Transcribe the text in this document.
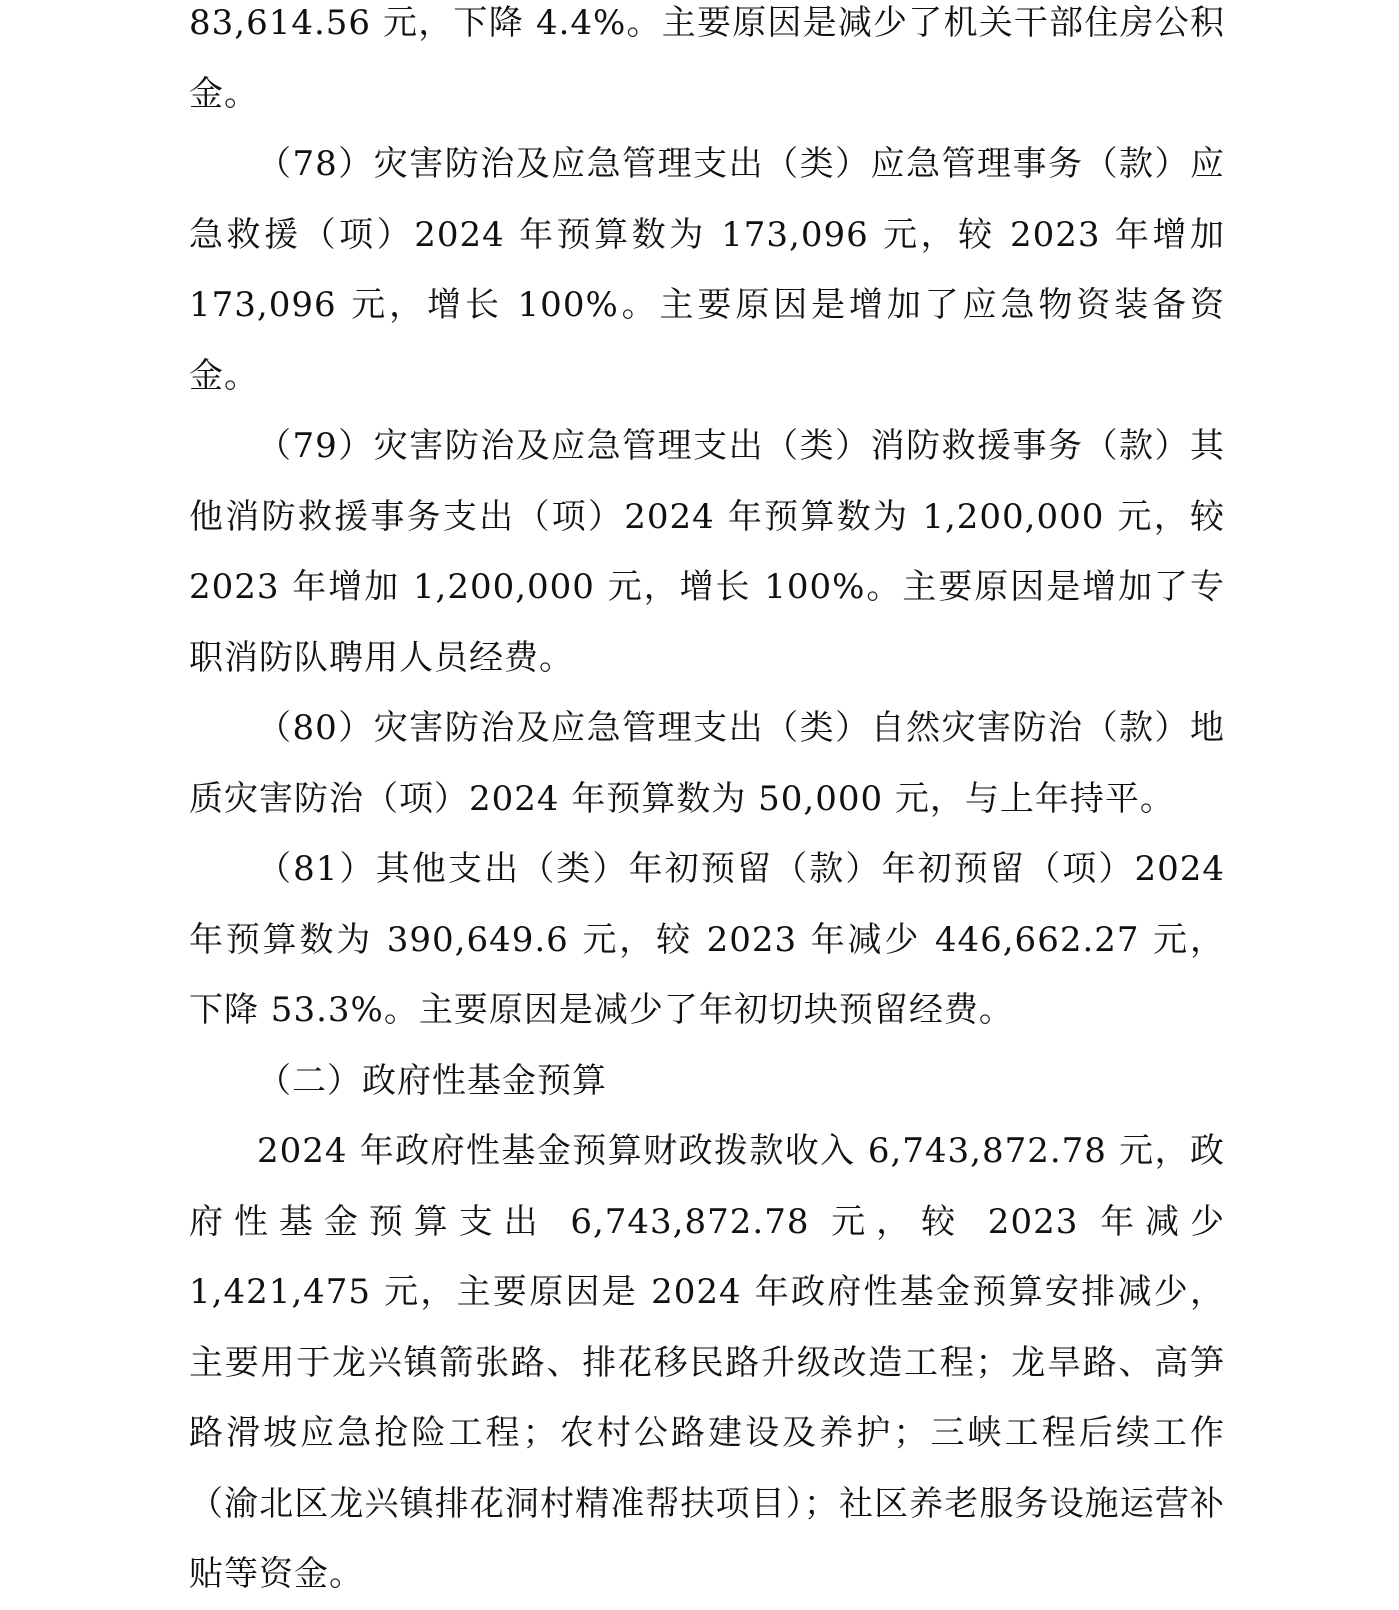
83,614.56 元，下降 4.4%。主要原因是减少了机关干部住房公积金。

（78）灾害防治及应急管理支出（类）应急管理事务（款）应急救援（项）2024 年预算数为 173,096 元，较 2023 年增加 173,096 元，增长 100%。主要原因是增加了应急物资装备资金。

（79）灾害防治及应急管理支出（类）消防救援事务（款）其他消防救援事务支出（项）2024 年预算数为 1,200,000 元，较 2023 年增加 1,200,000 元，增长 100%。主要原因是增加了专职消防队聘用人员经费。

（80）灾害防治及应急管理支出（类）自然灾害防治（款）地质灾害防治（项）2024 年预算数为 50,000 元，与上年持平。

（81）其他支出（类）年初预留（款）年初预留（项）2024 年预算数为 390,649.6 元，较 2023 年减少 446,662.27 元，下降 53.3%。主要原因是减少了年初切块预留经费。

（二）政府性基金预算

2024 年政府性基金预算财政拨款收入 6,743,872.78 元，政府性基金预算支出 6,743,872.78 元，较 2023 年减少 1,421,475 元，主要原因是 2024 年政府性基金预算安排减少，主要用于龙兴镇箭张路、排花移民路升级改造工程；龙旱路、高笋路滑坡应急抢险工程；农村公路建设及养护；三峡工程后续工作（渝北区龙兴镇排花洞村精准帮扶项目）；社区养老服务设施运营补贴等资金。
